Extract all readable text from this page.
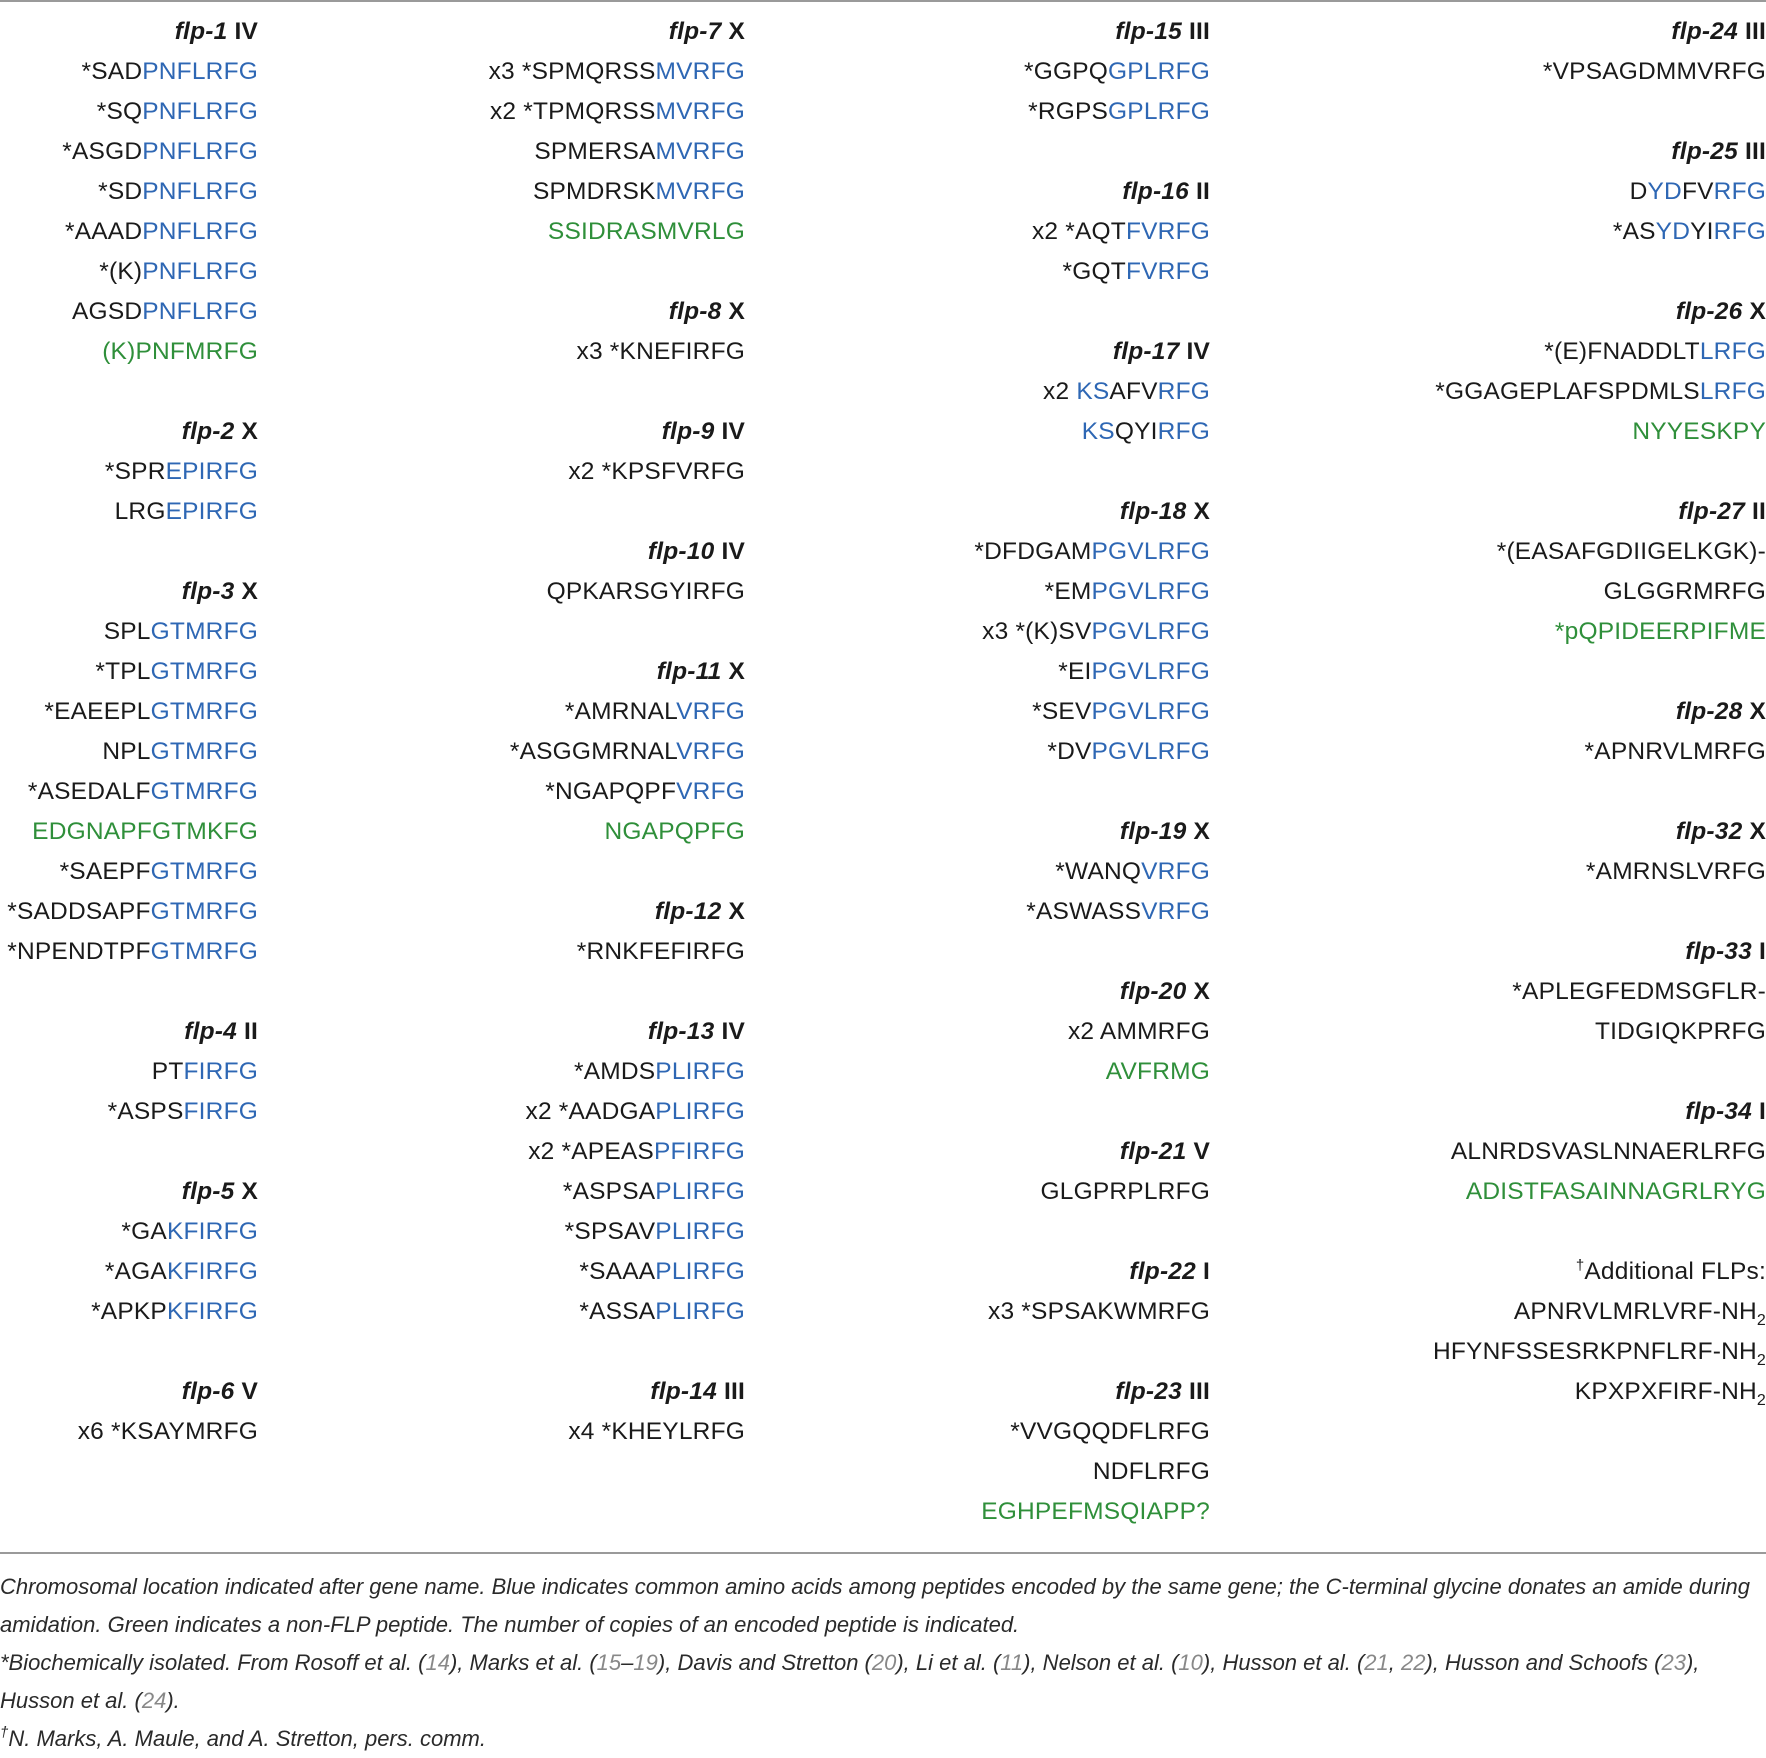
flp-1 IV
*SADPNFLRFG
*SQPNFLRFG
*ASGDPNFLRFG
*SDPNFLRFG
*AAADPNFLRFG
*(K)PNFLRFG
AGSDPNFLRFG
(K)PNFMRFG
flp-2 X
*SPREPIRFG
LRGEPIRFG
flp-3 X
SPLGTMRFG
*TPLGTMRFG
*EAEEPLGTMRFG
NPLGTMRFG
*ASEDALFGTMRFG
EDGNAPFGTMKFG
*SAEPFGTMRFG
*SADDSAPFGTMRFG
*NPENDTPFGTMRFG
flp-4 II
PTFIRFG
*ASPSFIRFG
flp-5 X
*GAKFIRFG
*AGAKFIRFG
*APKPKFIRFG
flp-6 V
x6 *KSAYMRFG
flp-7 X
x3 *SPMQRSSMVRFG
x2 *TPMQRSSMVRFG
SPMERSAMVRFG
SPMDRSKMVRFG
SSIDRASMVRLG
flp-8 X
x3 *KNEFIRFG
flp-9 IV
x2 *KPSFVRFG
flp-10 IV
QPKARSGYIRFG
flp-11 X
*AMRNALVRFG
*ASGGMRNALVRFG
*NGAPQPFVRFG
NGAPQPFG
flp-12 X
*RNKFEFIRFG
flp-13 IV
*AMDSPLIRFG
x2 *AADGAPLIRFG
x2 *APEASPFIRFG
*ASPSAPLIRFG
*SPSAVPLIRFG
*SAAAPLIRFG
*ASSAPLIRFG
flp-14 III
x4 *KHEYLRFG
flp-15 III
*GGPQGPLRFG
*RGPSGPLRFG
flp-16 II
x2 *AQTFVRFG
*GQTFVRFG
flp-17 IV
x2 KSAFVRFG
KSQYIRFG
flp-18 X
*DFDGAMPGVLRFG
*EMPGVLRFG
x3 *(K)SVPGVLRFG
*EIPGVLRFG
*SEVPGVLRFG
*DVPGVLRFG
flp-19 X
*WANQVRFG
*ASWASSVRFG
flp-20 X
x2 AMMRFG
AVFRMG
flp-21 V
GLGPRPLRFG
flp-22 I
x3 *SPSAKWMRFG
flp-23 III
*VVGQQDFLRFG
NDFLRFG
EGHPEFMSQIAPP?
flp-24 III
*VPSAGDMMVRFG
flp-25 III
DYDFVRFG
*ASYDYIRFG
flp-26 X
*(E)FNADDLTLRFG
*GGAGEPLAFSPDMLSLRFG
NYYESKPY
flp-27 II
*(EASAFGDIIGELKGK)-
GLGGRMRFG
*pQPIDEERPIFME
flp-28 X
*APNRVLMRFG
flp-32 X
*AMRNSLVRFG
flp-33 I
*APLEGFEDMSGFLR-
TIDGIQKPRFG
flp-34 I
ALNRDSVASLNNAERLRFG
ADISTFASAINNAGRLRYG
†Additional FLPs:
APNRVLMRLVRF-$NH_2$
HFYNFSSESRKPNFLRF-$NH_2$
KPXPXFIRF-$NH_2$
Chromosomal location indicated after gene name. Blue indicates common amino acids among peptides encoded by the same gene; the C-terminal glycine donates an amide during amidation. Green indicates a non-FLP peptide. The number of copies of an encoded peptide is indicated.
*Biochemically isolated. From Rosoff et al. (14), Marks et al. (15–19), Davis and Stretton (20), Li et al. (11), Nelson et al. (10), Husson et al. (21, 22), Husson and Schoofs (23), Husson et al. (24).
†N. Marks, A. Maule, and A. Stretton, pers. comm.
